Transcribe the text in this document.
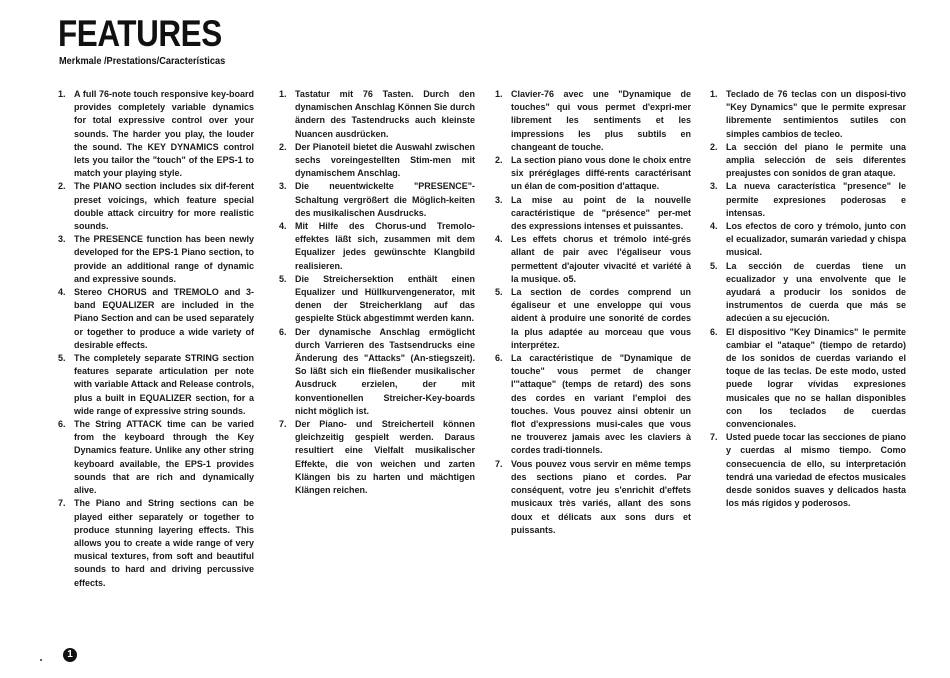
FEATURES
Merkmale /Prestations/Características
1. A full 76-note touch responsive key-board provides completely variable dynamics for total expressive control over your sounds. The harder you play, the louder the sound. The KEY DYNAMICS control lets you tailor the "touch" of the EPS-1 to match your playing style.
2. The PIANO section includes six dif-ferent preset voicings, which feature special double attack circuitry for more realistic sounds.
3. The PRESENCE function has been newly developed for the EPS-1 Piano section, to provide an additional range of dynamic and expressive sounds.
4. Stereo CHORUS and TREMOLO and 3-band EQUALIZER are included in the Piano Section and can be used separately or together to produce a wide variety of desirable effects.
5. The completely separate STRING section features separate articulation per note with variable Attack and Release controls, plus a built in EQUALIZER section, for a wide range of expressive string sounds.
6. The String ATTACK time can be varied from the keyboard through the Key Dynamics feature. Unlike any other string keyboard available, the EPS-1 provides sounds that are rich and dynamically alive.
7. The Piano and String sections can be played either separately or together to produce stunning layering effects. This allows you to create a wide range of very musical textures, from soft and beautiful sounds to hard and driving percussive effects.
1. Tastatur mit 76 Tasten. Durch den dynamischen Anschlag Können Sie durch ändern des Tastendrucks auch kleinste Nuancen ausdrücken.
2. Der Pianoteil bietet die Auswahl zwischen sechs voreingestellten Stim-men mit dynamischem Anschlag.
3. Die neuentwickelte "PRESENCE"-Schaltung vergrößert die Möglich-keiten des musikalischen Ausdrucks.
4. Mit Hilfe des Chorus-und Tremolo-effektes läßt sich, zusammen mit dem Equalizer jedes gewünschte Klangbild realisieren.
5. Die Streichersektion enthält einen Equalizer und Hüllkurvengenerator, mit denen der Streicherklang auf das gespielte Stück abgestimmt werden kann.
6. Der dynamische Anschlag ermöglicht durch Varrieren des Tastsendrucks eine Änderung des "Attacks" (An-stiegszeit). So läßt sich ein fließender musikalischer Ausdruck erzielen, der mit konventionellen Streicher-Key-boards nicht möglich ist.
7. Der Piano- und Streicherteil können gleichzeitig gespielt werden. Daraus resultiert eine Vielfalt musikalischer Effekte, die von weichen und zarten Klängen bis zu harten und mächtigen Klängen reichen.
1. Clavier-76 avec une "Dynamique de touches" qui vous permet d'expri-mer librement les sentiments et les impressions les plus subtils en changeant de touche.
2. La section piano vous done le choix entre six préréglages diffé-rents caractérisant un élan de com-position d'attaque.
3. La mise au point de la nouvelle caractéristique de "présence" per-met des expressions intenses et puissantes.
4. Les effets chorus et trémolo inté-grés allant de pair avec l'égaliseur vous permettent d'ajouter vivacité et variété à la musique. o5.
5. La section de cordes comprend un égaliseur et une enveloppe qui vous aident à produire une sonorité de cordes la plus adaptée au morceau que vous interprétez.
6. La caractéristique de "Dynamique de touche" vous permet de changer l'"attaque" (temps de retard) des sons des cordes en variant l'emploi des touches. Vous pouvez ainsi obtenir un flot d'expressions musi-cales que vous ne trouverez jamais avec les claviers à cordes tradi-tionnels.
7. Vous pouvez vous servir en même temps des sections piano et cordes. Par conséquent, votre jeu s'enrichit d'effets musicaux très variés, allant des sons doux et délicats aux sons durs et puissants.
1. Teclado de 76 teclas con un disposi-tivo "Key Dynamics" que le permite expresar libremente sentimientos sutiles con simples cambios de tecleo.
2. La sección del piano le permite una amplia selección de seis diferentes preajustes con sonidos de gran ataque.
3. La nueva característica "presence" le permite expresiones poderosas e intensas.
4. Los efectos de coro y trémolo, junto con el ecualizador, sumarán variedad y chispa musical.
5. La sección de cuerdas tiene un ecualizador y una envolvente que le ayudará a producir los sonidos de instrumentos de cuerda que más se adecúen a su ejecución.
6. El dispositivo "Key Dinamics" le permite cambiar el "ataque" (tiempo de retardo) de los sonidos de cuerdas variando el toque de las teclas. De este modo, usted puede lograr vívidas expresiones musicales que no se hallan disponibles con los teclados de cuerdas convencionales.
7. Usted puede tocar las secciones de piano y cuerdas al mismo tiempo. Como consecuencia de ello, su interpretación tendrá una variedad de efectos musicales desde sonidos suaves y delicados hasta los más rígidos y poderosos.
1
